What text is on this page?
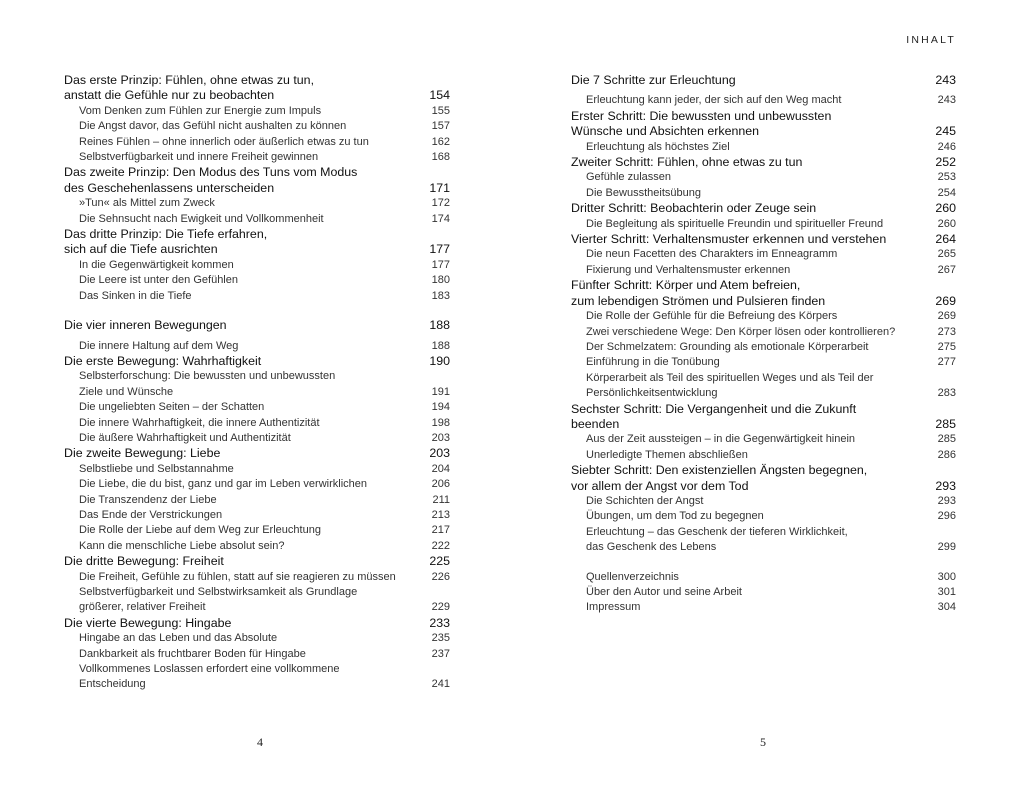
INHALT
Das erste Prinzip: Fühlen, ohne etwas zu tun,
anstatt die Gefühle nur zu beobachten	154
Vom Denken zum Fühlen zur Energie zum Impuls	155
Die Angst davor, das Gefühl nicht aushalten zu können	157
Reines Fühlen – ohne innerlich oder äußerlich etwas zu tun	162
Selbstverfügbarkeit und innere Freiheit gewinnen	168
Das zweite Prinzip: Den Modus des Tuns vom Modus
des Geschehenlassens unterscheiden	171
»Tun« als Mittel zum Zweck	172
Die Sehnsucht nach Ewigkeit und Vollkommenheit	174
Das dritte Prinzip: Die Tiefe erfahren,
sich auf die Tiefe ausrichten	177
In die Gegenwärtigkeit kommen	177
Die Leere ist unter den Gefühlen	180
Das Sinken in die Tiefe	183
Die vier inneren Bewegungen	188
Die innere Haltung auf dem Weg	188
Die erste Bewegung: Wahrhaftigkeit	190
Selbsterforschung: Die bewussten und unbewussten
Ziele und Wünsche	191
Die ungeliebten Seiten – der Schatten	194
Die innere Wahrhaftigkeit, die innere Authentizität	198
Die äußere Wahrhaftigkeit und Authentizität	203
Die zweite Bewegung: Liebe	203
Selbstliebe und Selbstannahme	204
Die Liebe, die du bist, ganz und gar im Leben verwirklichen	206
Die Transzendenz der Liebe	211
Das Ende der Verstrickungen	213
Die Rolle der Liebe auf dem Weg zur Erleuchtung	217
Kann die menschliche Liebe absolut sein?	222
Die dritte Bewegung: Freiheit	225
Die Freiheit, Gefühle zu fühlen, statt auf sie reagieren zu müssen	226
Selbstverfügbarkeit und Selbstwirksamkeit als Grundlage
größerer, relativer Freiheit	229
Die vierte Bewegung: Hingabe	233
Hingabe an das Leben und das Absolute	235
Dankbarkeit als fruchtbarer Boden für Hingabe	237
Vollkommenes Loslassen erfordert eine vollkommene
Entscheidung	241
Die 7 Schritte zur Erleuchtung	243
Erleuchtung kann jeder, der sich auf den Weg macht	243
Erster Schritt: Die bewussten und unbewussten
Wünsche und Absichten erkennen	245
Erleuchtung als höchstes Ziel	246
Zweiter Schritt: Fühlen, ohne etwas zu tun	252
Gefühle zulassen	253
Die Bewusstheitsübung	254
Dritter Schritt: Beobachterin oder Zeuge sein	260
Die Begleitung als spirituelle Freundin und spiritueller Freund	260
Vierter Schritt: Verhaltensmuster erkennen und verstehen	264
Die neun Facetten des Charakters im Enneagramm	265
Fixierung und Verhaltensmuster erkennen	267
Fünfter Schritt: Körper und Atem befreien,
zum lebendigen Strömen und Pulsieren finden	269
Die Rolle der Gefühle für die Befreiung des Körpers	269
Zwei verschiedene Wege: Den Körper lösen oder kontrollieren?	273
Der Schmelzatem: Grounding als emotionale Körperarbeit	275
Einführung in die Tonübung	277
Körperarbeit als Teil des spirituellen Weges und als Teil der
Persönlichkeitsentwicklung	283
Sechster Schritt: Die Vergangenheit und die Zukunft
beenden	285
Aus der Zeit aussteigen – in die Gegenwärtigkeit hinein	285
Unerledigte Themen abschließen	286
Siebter Schritt: Den existenziellen Ängsten begegnen,
vor allem der Angst vor dem Tod	293
Die Schichten der Angst	293
Übungen, um dem Tod zu begegnen	296
Erleuchtung – das Geschenk der tieferen Wirklichkeit,
das Geschenk des Lebens	299
Quellenverzeichnis	300
Über den Autor und seine Arbeit	301
Impressum	304
4	5
